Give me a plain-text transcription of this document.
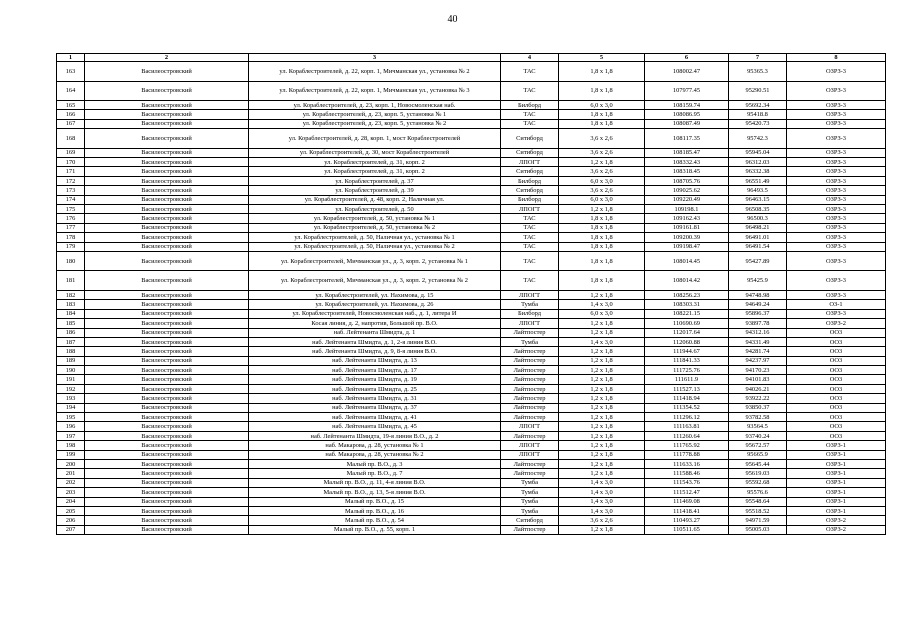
40
1	2	3	4	5	6	7	8
163	Василеостровский	ул. Кораблестроителей, д. 22, корп. 1, Мичманская ул., установка № 2	ТАС	1,8 x 1,8	108002.47	95365.3	ОЗРЗ-3
164	Василеостровский	ул. Кораблестроителей, д. 22, корп. 1, Мичманская ул., установка № 3	ТАС	1,8 x 1,8	107977.45	95290.51	ОЗРЗ-3
165	Василеостровский	ул. Кораблестроителей, д. 23, корп. 1, Новосмоленская наб.	Билборд	6,0 x 3,0	108159.74	95692.34	ОЗРЗ-3
166	Василеостровский	ул. Кораблестроителей, д. 23, корп. 5, установка № 1	ТАС	1,8 x 1,8	108086.95	95418.8	ОЗРЗ-3
167	Василеостровский	ул. Кораблестроителей, д. 23, корп. 5, установка № 2	ТАС	1,8 x 1,8	108087.49	95420.73	ОЗРЗ-3
168	Василеостровский	ул. Кораблестроителей, д. 28, корп. 1, мост Кораблестроителей	Ситиборд	3,6 x 2,6	108117.35	95742.3	ОЗРЗ-3
169	Василеостровский	ул. Кораблестроителей, д. 30, мост Кораблестроителей	Ситиборд	3,6 x 2,6	108185.47	95945.04	ОЗРЗ-3
170	Василеостровский	ул. Кораблестроителей, д. 31, корп. 2	ЛПОГТ	1,2 x 1,8	108332.43	96312.03	ОЗРЗ-3
171	Василеостровский	ул. Кораблестроителей, д. 31, корп. 2	Ситиборд	3,6 x 2,6	108318.45	96332.38	ОЗРЗ-3
172	Василеостровский	ул. Кораблестроителей, д. 37	Билборд	6,0 x 3,0	108705.76	96551.49	ОЗРЗ-3
173	Василеостровский	ул. Кораблестроителей, д. 39	Ситиборд	3,6 x 2,6	109025.62	96493.5	ОЗРЗ-3
174	Василеостровский	ул. Кораблестроителей, д. 48, корп. 2, Наличная ул.	Билборд	6,0 x 3,0	109220.49	96463.15	ОЗРЗ-3
175	Василеостровский	ул. Кораблестроителей, д. 50	ЛПОГТ	1,2 x 1,8	109198.1	96508.35	ОЗРЗ-3
176	Василеостровский	ул. Кораблестроителей, д. 50, установка № 1	ТАС	1,8 x 1,8	109162.43	96500.3	ОЗРЗ-3
177	Василеостровский	ул. Кораблестроителей, д. 50, установка № 2	ТАС	1,8 x 1,8	109161.81	96498.21	ОЗРЗ-3
178	Василеостровский	ул. Кораблестроителей, д. 50, Наличная ул., установка № 1	ТАС	1,8 x 1,8	109200.39	96491.01	ОЗРЗ-3
179	Василеостровский	ул. Кораблестроителей, д. 50, Наличная ул., установка № 2	ТАС	1,8 x 1,8	109198.47	96491.54	ОЗРЗ-3
180	Василеостровский	ул. Кораблестроителей, Мичманская ул., д. 3, корп. 2, установка № 1	ТАС	1,8 x 1,8	108014.45	95427.89	ОЗРЗ-3
181	Василеостровский	ул. Кораблестроителей, Мичманская ул., д. 3, корп. 2, установка № 2	ТАС	1,8 x 1,8	108014.42	95425.9	ОЗРЗ-3
182	Василеостровский	ул. Кораблестроителей, ул. Нахимова, д. 15	ЛПОГТ	1,2 x 1,8	108256.23	94748.98	ОЗРЗ-3
183	Василеостровский	ул. Кораблестроителей, ул. Нахимова, д. 26	Тумба	1,4 x 3,0	108303.31	94649.24	ОЗ-1
184	Василеостровский	ул. Кораблестроителей, Новосмоленская наб., д. 1, литера И	Билборд	6,0 x 3,0	108221.15	95896.37	ОЗРЗ-3
185	Василеостровский	Косая линия, д. 2, напротив, Большой пр. В.О.	ЛПОГТ	1,2 x 1,8	110690.69	93897.78	ОЗРЗ-2
186	Василеостровский	наб. Лейтенанта Шмидта, д. 1	Лайтпостер	1,2 x 1,8	112017.64	94312.16	ОО3
187	Василеостровский	наб. Лейтенанта Шмидта, д. 1, 2-я линия В.О.	Тумба	1,4 x 3,0	112060.88	94331.49	ОО3
188	Василеостровский	наб. Лейтенанта Шмидта, д. 9, 8-я линия В.О.	Лайтпостер	1,2 x 1,8	111944.67	94281.74	ОО3
189	Василеостровский	наб. Лейтенанта Шмидта, д. 13	Лайтпостер	1,2 x 1,8	111841.33	94237.97	ОО3
190	Василеостровский	наб. Лейтенанта Шмидта, д. 17	Лайтпостер	1,2 x 1,8	111725.76	94170.23	ОО3
191	Василеостровский	наб. Лейтенанта Шмидта, д. 19	Лайтпостер	1,2 x 1,8	111611.9	94101.83	ОО3
192	Василеостровский	наб. Лейтенанта Шмидта, д. 25	Лайтпостер	1,2 x 1,8	111527.13	94026.21	ОО3
193	Василеостровский	наб. Лейтенанта Шмидта, д. 31	Лайтпостер	1,2 x 1,8	111418.94	93922.22	ОО3
194	Василеостровский	наб. Лейтенанта Шмидта, д. 37	Лайтпостер	1,2 x 1,8	111354.52	93850.37	ОО3
195	Василеостровский	наб. Лейтенанта Шмидта, д. 41	Лайтпостер	1,2 x 1,8	111296.12	93782.58	ОО3
196	Василеостровский	наб. Лейтенанта Шмидта, д. 45	ЛПОГТ	1,2 x 1,8	111163.81	93564.5	ОО3
197	Василеостровский	наб. Лейтенанта Шмидта, 19-я линия В.О., д. 2	Лайтпостер	1,2 x 1,8	111260.64	93740.24	ОО3
198	Василеостровский	наб. Макарова, д. 28, установка № 1	ЛПОГТ	1,2 x 1,8	111765.92	95672.57	ОЗРЗ-1
199	Василеостровский	наб. Макарова, д. 28, установка № 2	ЛПОГТ	1,2 x 1,8	111778.88	95665.9	ОЗРЗ-1
200	Василеостровский	Малый пр. В.О., д. 3	Лайтпостер	1,2 x 1,8	111633.16	95645.44	ОЗРЗ-1
201	Василеостровский	Малый пр. В.О., д. 7	Лайтпостер	1,2 x 1,8	111588.46	95619.03	ОЗРЗ-1
202	Василеостровский	Малый пр. В.О., д. 11, 4-я линия В.О.	Тумба	1,4 x 3,0	111543.76	95592.68	ОЗРЗ-1
203	Василеостровский	Малый пр. В.О., д. 13, 5-я линия В.О.	Тумба	1,4 x 3,0	111512.47	95576.6	ОЗРЗ-1
204	Василеостровский	Малый пр. В.О., д. 15	Тумба	1,4 x 3,0	111469.08	95548.64	ОЗРЗ-1
205	Василеостровский	Малый пр. В.О., д. 16	Тумба	1,4 x 3,0	111418.41	95518.52	ОЗРЗ-1
206	Василеостровский	Малый пр. В.О., д. 54	Ситиборд	3,6 x 2,6	110493.27	94971.59	ОЗРЗ-2
207	Василеостровский	Малый пр. В.О., д. 55, корп. 1	Лайтпостер	1,2 x 1,8	110511.65	95005.03	ОЗРЗ-2
